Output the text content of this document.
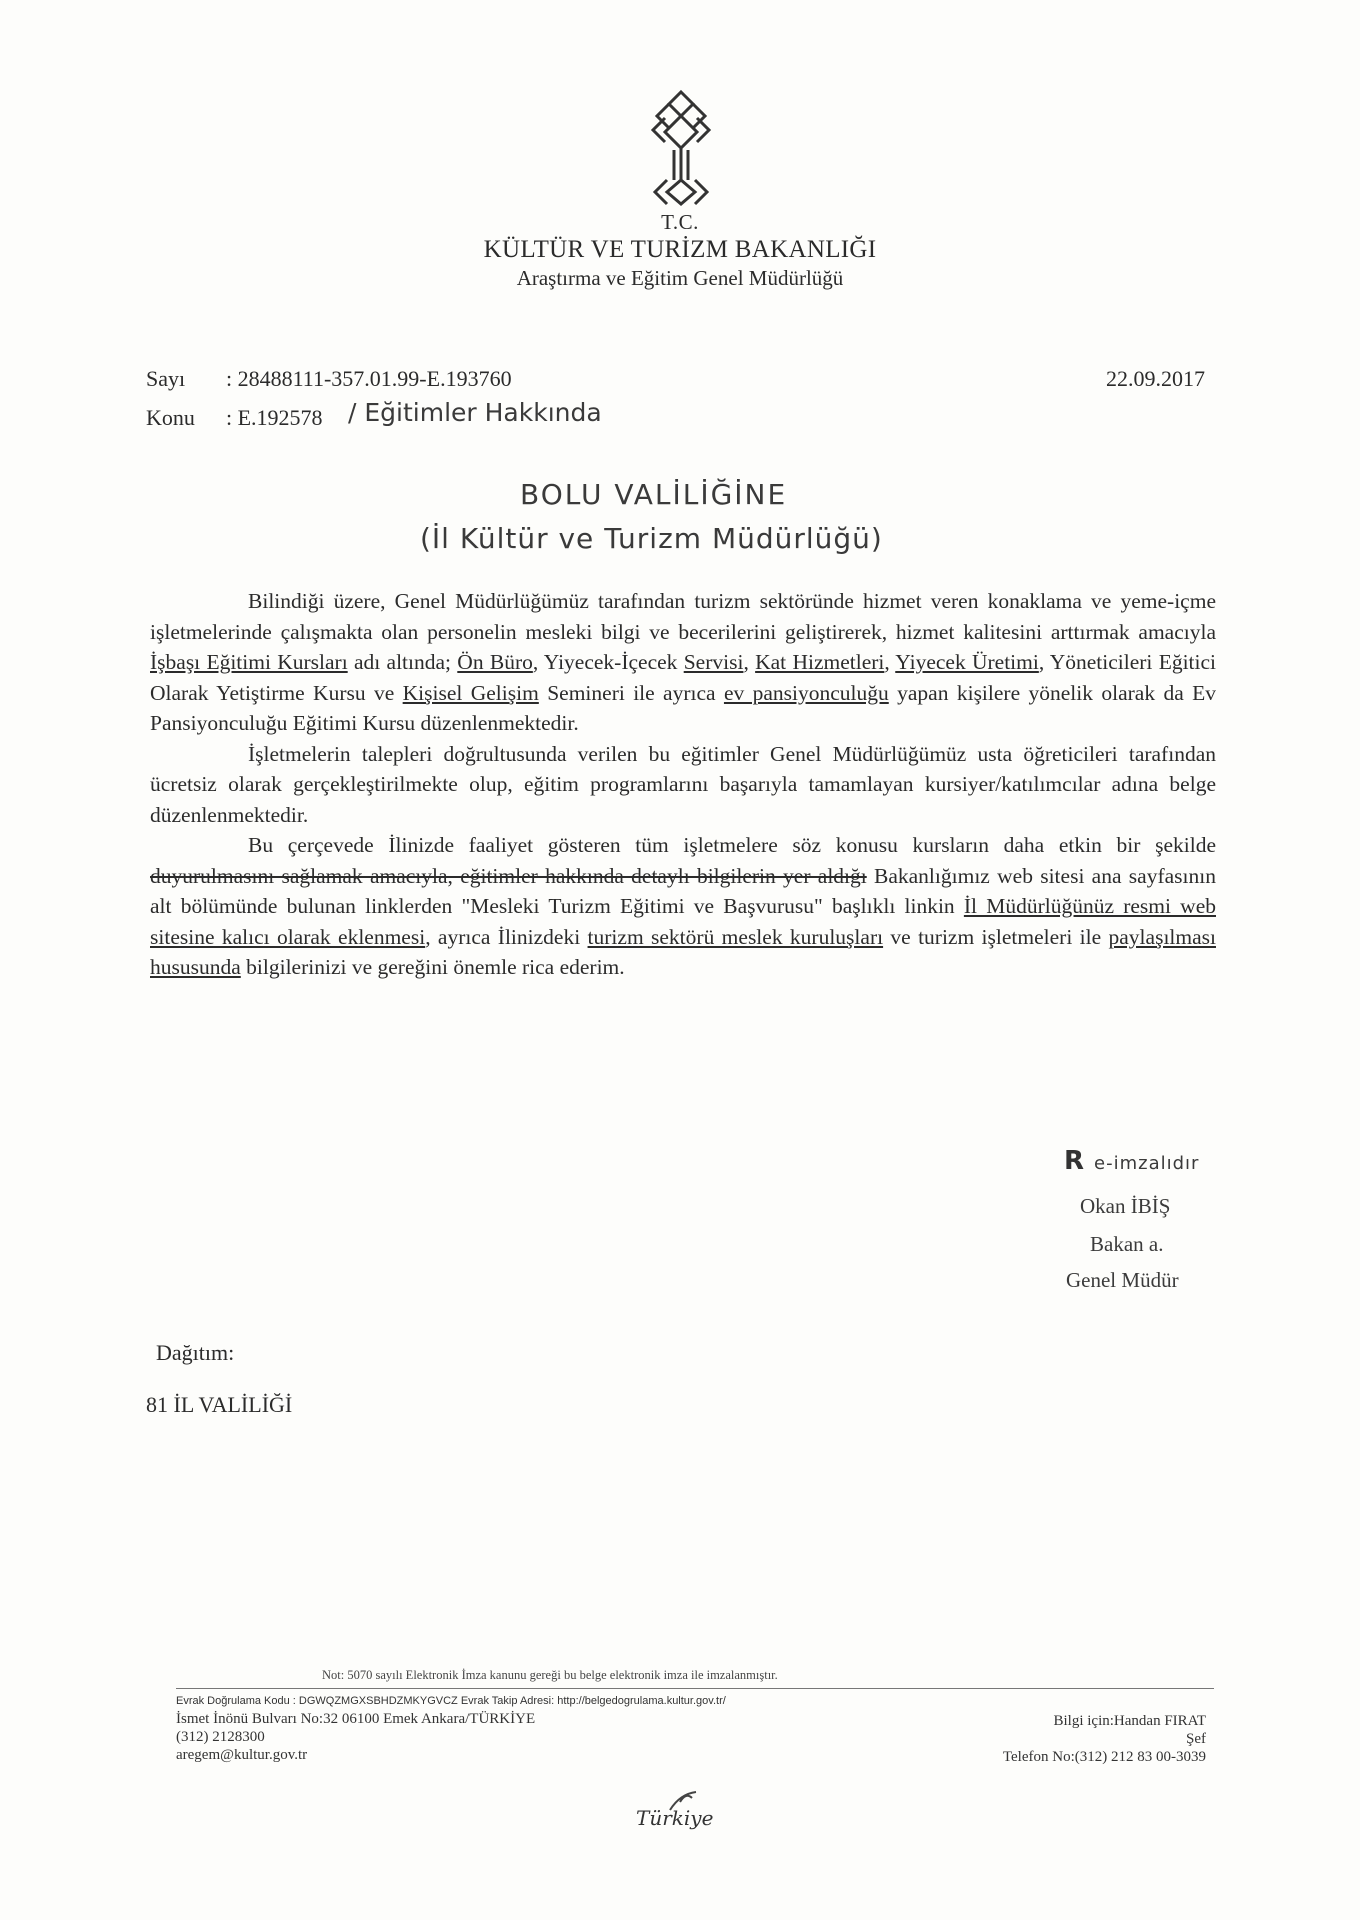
T.C.
KÜLTÜR VE TURİZM BAKANLIĞI
Araştırma ve Eğitim Genel Müdürlüğü
Sayı : 28488111-357.01.99-E.193760	22.09.2017
Konu : E.192578 / Eğitimler Hakkında
BOLU VALİLİĞİNE
(İl Kültür ve Turizm Müdürlüğü)

Bilindiği üzere, Genel Müdürlüğümüz tarafından turizm sektöründe hizmet veren konaklama ve yeme-içme işletmelerinde çalışmakta olan personelin mesleki bilgi ve becerilerini geliştirerek, hizmet kalitesini arttırmak amacıyla İşbaşı Eğitimi Kursları adı altında; Ön Büro, Yiyecek-İçecek Servisi, Kat Hizmetleri, Yiyecek Üretimi, Yöneticileri Eğitici Olarak Yetiştirme Kursu ve Kişisel Gelişim Semineri ile ayrıca ev pansiyonculuğu yapan kişilere yönelik olarak da Ev Pansiyonculuğu Eğitimi Kursu düzenlenmektedir.

İşletmelerin talepleri doğrultusunda verilen bu eğitimler Genel Müdürlüğümüz usta öğreticileri tarafından ücretsiz olarak gerçekleştirilmekte olup, eğitim programlarını başarıyla tamamlayan kursiyer/katılımcılar adına belge düzenlenmektedir.

Bu çerçevede İlinizde faaliyet gösteren tüm işletmelere söz konusu kursların daha etkin bir şekilde duyurulmasını sağlamak amacıyla, eğitimler hakkında detaylı bilgilerin yer aldığı Bakanlığımız web sitesi ana sayfasının alt bölümünde bulunan linklerden "Mesleki Turizm Eğitimi ve Başvurusu" başlıklı linkin İl Müdürlüğünüz resmi web sitesine kalıcı olarak eklenmesi, ayrıca İlinizdeki turizm sektörü meslek kuruluşları ve turizm işletmeleri ile paylaşılması hususunda bilgilerinizi ve gereğini önemle rica ederim.

R e-imzalıdır
Okan İBİŞ
Bakan a.
Genel Müdür
Dağıtım:
81 İL VALİLİĞİ
Not: 5070 sayılı Elektronik İmza kanunu gereği bu belge elektronik imza ile imzalanmıştır.
Evrak Doğrulama Kodu : DGWQZMGXSBHDZMKYGVCZ Evrak Takip Adresi: http://belgedogrulama.kultur.gov.tr/
İsmet İnönü Bulvarı No:32 06100 Emek Ankara/TÜRKİYE
(312) 2128300
aregem@kultur.gov.tr
Bilgi için:Handan FIRAT
Şef
Telefon No:(312) 212 83 00-3039
Türkiye
